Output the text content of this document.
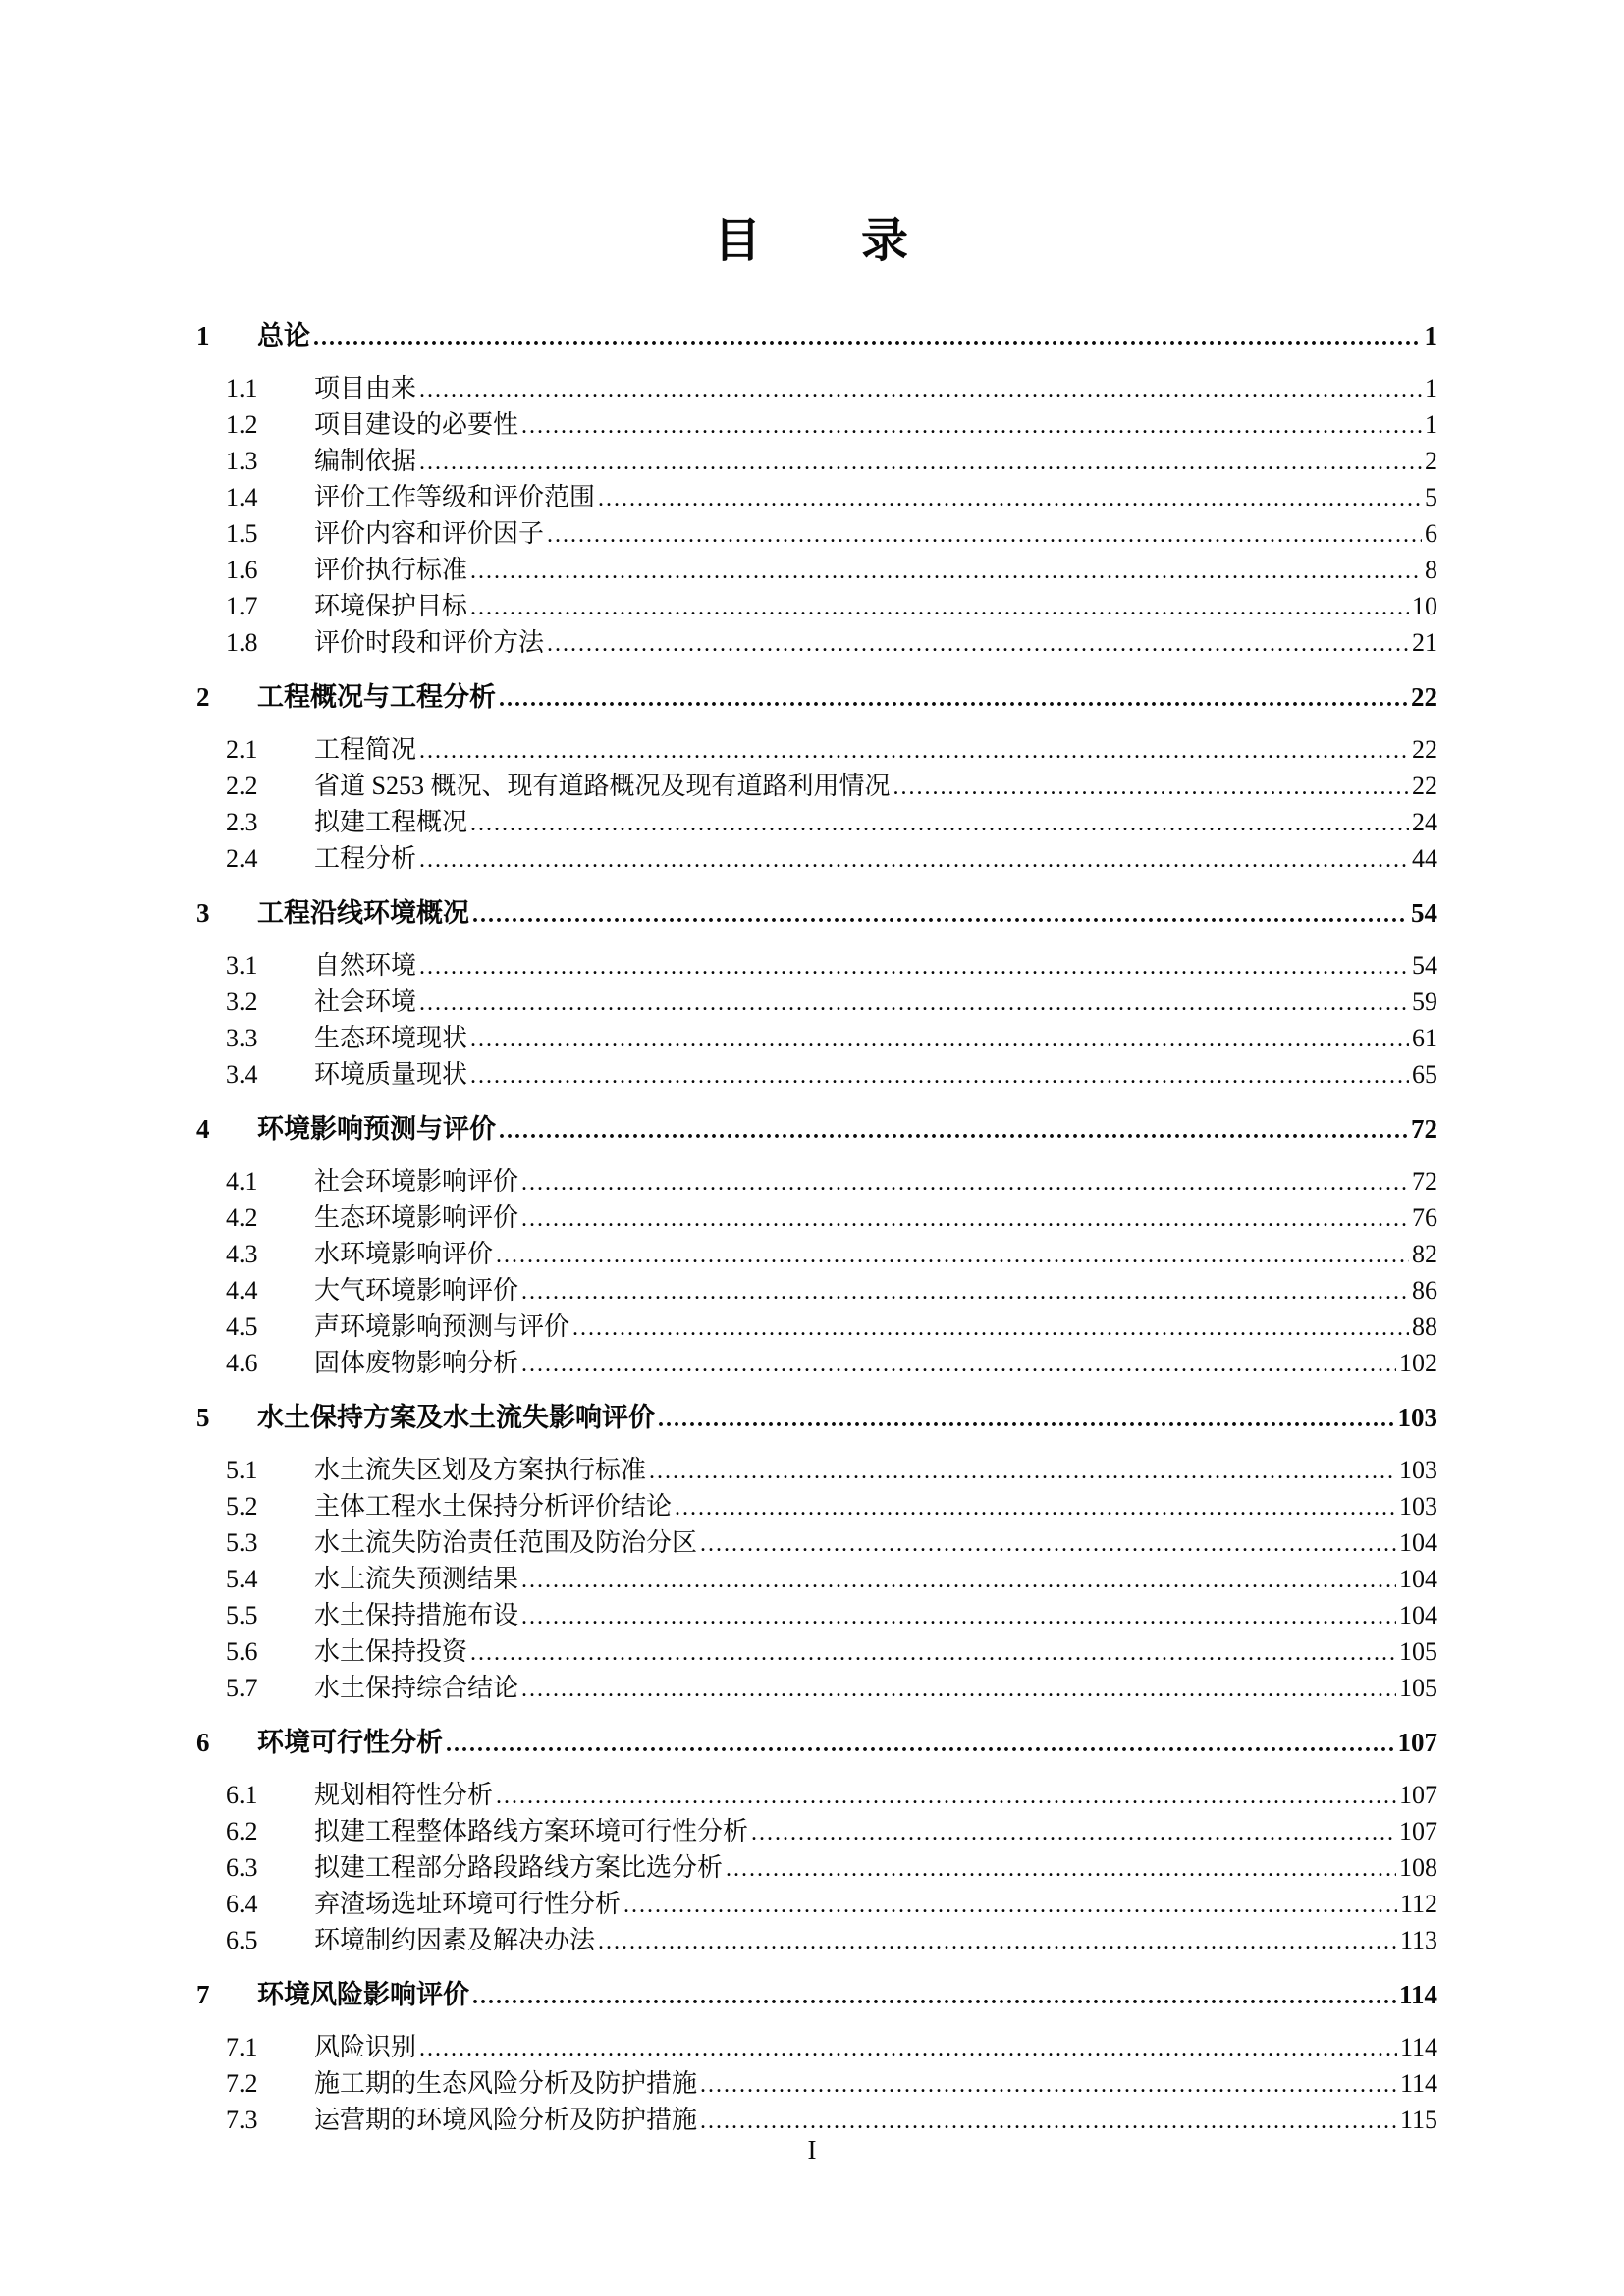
目　　录
1	总论 .....	1
1.1	项目由来 .....	1
1.2	项目建设的必要性 .....	1
1.3	编制依据 .....	2
1.4	评价工作等级和评价范围 .....	5
1.5	评价内容和评价因子 .....	6
1.6	评价执行标准 .....	8
1.7	环境保护目标 .....	10
1.8	评价时段和评价方法 .....	21
2	工程概况与工程分析 .....	22
2.1	工程简况 .....	22
2.2	省道 S253 概况、现有道路概况及现有道路利用情况 .....	22
2.3	拟建工程概况 .....	24
2.4	工程分析 .....	44
3	工程沿线环境概况 .....	54
3.1	自然环境 .....	54
3.2	社会环境 .....	59
3.3	生态环境现状 .....	61
3.4	环境质量现状 .....	65
4	环境影响预测与评价 .....	72
4.1	社会环境影响评价 .....	72
4.2	生态环境影响评价 .....	76
4.3	水环境影响评价 .....	82
4.4	大气环境影响评价 .....	86
4.5	声环境影响预测与评价 .....	88
4.6	固体废物影响分析 .....	102
5	水土保持方案及水土流失影响评价 .....	103
5.1	水土流失区划及方案执行标准 .....	103
5.2	主体工程水土保持分析评价结论 .....	103
5.3	水土流失防治责任范围及防治分区 .....	104
5.4	水土流失预测结果 .....	104
5.5	水土保持措施布设 .....	104
5.6	水土保持投资 .....	105
5.7	水土保持综合结论 .....	105
6	环境可行性分析 .....	107
6.1	规划相符性分析 .....	107
6.2	拟建工程整体路线方案环境可行性分析 .....	107
6.3	拟建工程部分路段路线方案比选分析 .....	108
6.4	弃渣场选址环境可行性分析 .....	112
6.5	环境制约因素及解决办法 .....	113
7	环境风险影响评价 .....	114
7.1	风险识别 .....	114
7.2	施工期的生态风险分析及防护措施 .....	114
7.3	运营期的环境风险分析及防护措施 .....	115
I
